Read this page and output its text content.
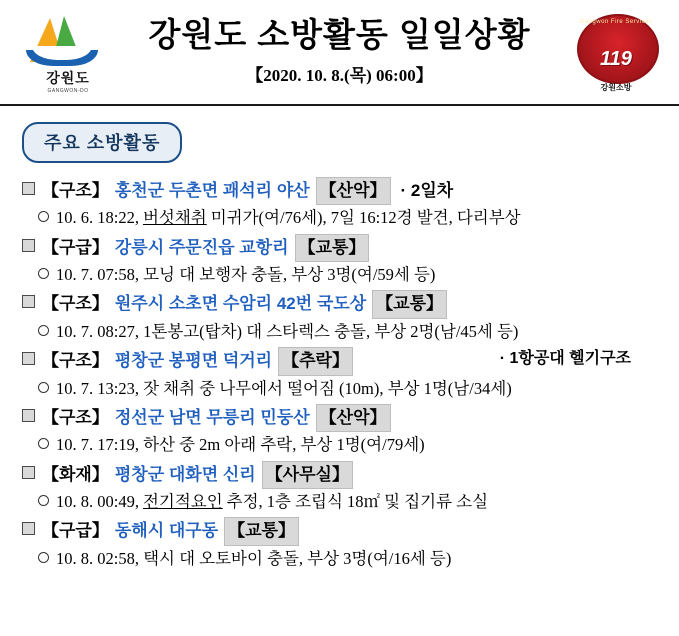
강원도
GANGWON-DO
강원도 소방활동 일일상황
【2020. 10. 8.(목) 06:00】
Gangwon Fire Services
119
강원소방
주요 소방활동
【구조】 홍천군 두촌면 괘석리 야산 【산악】 · 2일차
10. 6. 18:22, 버섯채취 미귀가(여/76세), 7일 16:12경 발견, 다리부상
【구급】 강릉시 주문진읍 교항리 【교통】
10. 7. 07:58, 모닝 대 보행자 충돌, 부상 3명(여/59세 등)
【구조】 원주시 소초면 수암리 42번 국도상 【교통】
10. 7. 08:27, 1톤봉고(탑차) 대 스타렉스 충돌, 부상 2명(남/45세 등)
【구조】 평창군 봉평면 덕거리 【추락】	· 1항공대 헬기구조
10. 7. 13:23, 잣 채취 중 나무에서 떨어짐 (10m), 부상 1명(남/34세)
【구조】 정선군 남면 무릉리 민둥산 【산악】
10. 7. 17:19, 하산 중 2m 아래 추락, 부상 1명(여/79세)
【화재】 평창군 대화면 신리 【사무실】
10. 8. 00:49, 전기적요인 추정, 1층 조립식 18㎡ 및 집기류 소실
【구급】 동해시 대구동 【교통】
10. 8. 02:58, 택시 대 오토바이 충돌, 부상 3명(여/16세 등)
